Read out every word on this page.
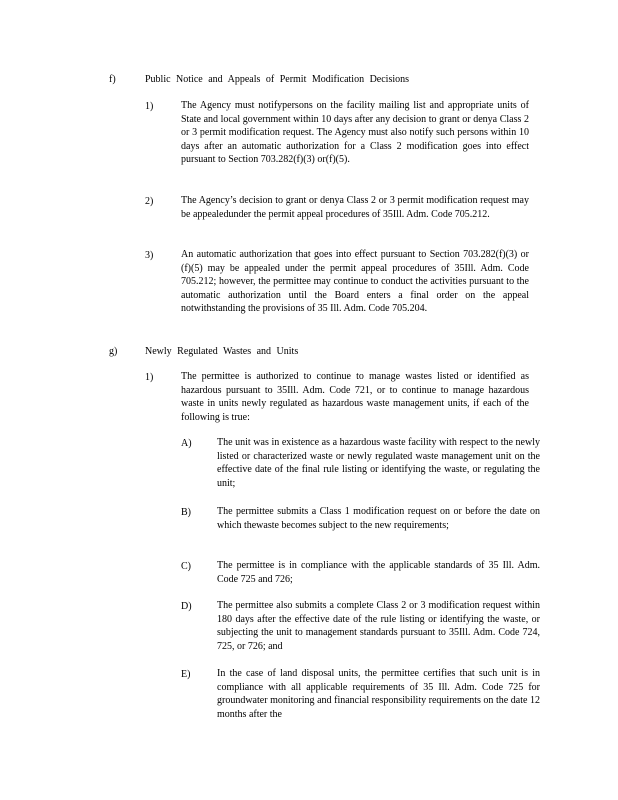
f)	Public Notice and Appeals of Permit Modification Decisions
1)	The Agency must notifypersons on the facility mailing list and appropriate units of State and local government within 10 days after any decision to grant or denya Class 2 or 3 permit modification request. The Agency must also notify such persons within 10 days after an automatic authorization for a Class 2 modification goes into effect pursuant to Section 703.282(f)(3) or(f)(5).
2)	The Agency’s decision to grant or denya Class 2 or 3 permit modification request may be appealedunder the permit appeal procedures of 35Ill. Adm. Code 705.212.
3)	An automatic authorization that goes into effect pursuant to Section 703.282(f)(3) or (f)(5) may be appealed under the permit appeal procedures of 35Ill. Adm. Code 705.212; however, the permittee may continue to conduct the activities pursuant to the automatic authorization until the Board enters a final order on the appeal notwithstanding the provisions of 35 Ill. Adm. Code 705.204.
g)	Newly Regulated Wastes and Units
1)	The permittee is authorized to continue to manage wastes listed or identified as hazardous pursuant to 35Ill. Adm. Code 721, or to continue to manage hazardous waste in units newly regulated as hazardous waste management units, if each of the following is true:
A)	The unit was in existence as a hazardous waste facility with respect to the newly listed or characterized waste or newly regulated waste management unit on the effective date of the final rule listing or identifying the waste, or regulating the unit;
B)	The permittee submits a Class 1 modification request on or before the date on which thewaste becomes subject to the new requirements;
C)	The permittee is in compliance with the applicable standards of 35 Ill. Adm. Code 725 and 726;
D)	The permittee also submits a complete Class 2 or 3 modification request within 180 days after the effective date of the rule listing or identifying the waste, or subjecting the unit to management standards pursuant to 35Ill. Adm. Code 724, 725, or 726; and
E)	In the case of land disposal units, the permittee certifies that such unit is in compliance with all applicable requirements of 35 Ill. Adm. Code 725 for groundwater monitoring and financial responsibility requirements on the date 12 months after the
